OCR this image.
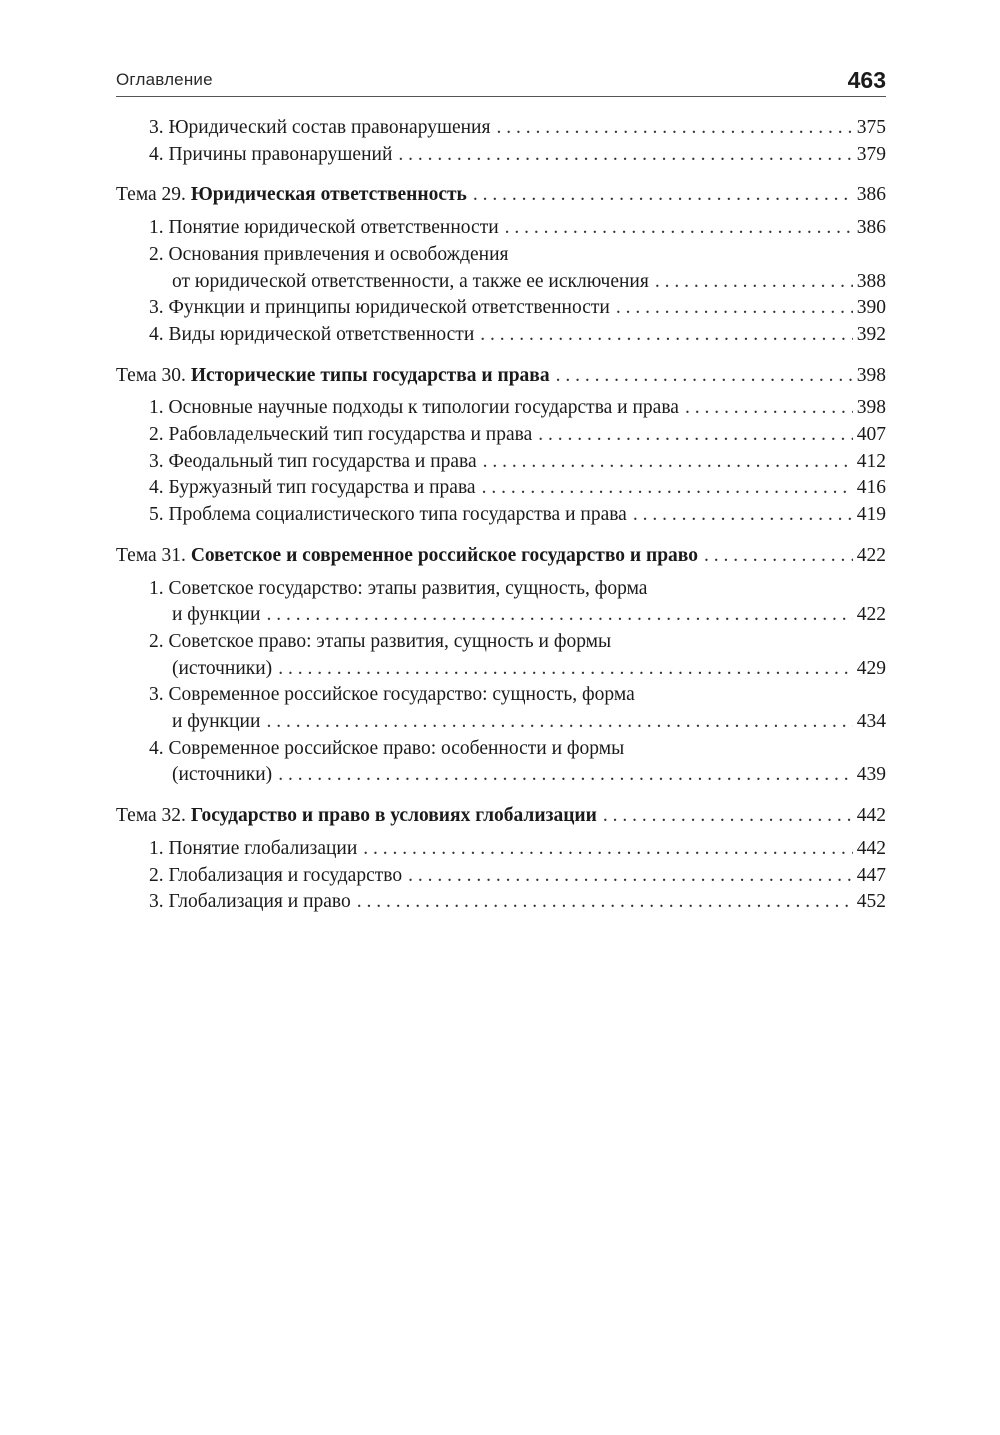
Оглавление	463
3. Юридический состав правонарушения . . .	375
4. Причины правонарушений . . .	379
Тема 29. Юридическая ответственность . . .	386
1. Понятие юридической ответственности . . .	386
2. Основания привлечения и освобождения
от юридической ответственности, а также ее исключения . . .	388
3. Функции и принципы юридической ответственности . . .	390
4. Виды юридической ответственности . . .	392
Тема 30. Исторические типы государства и права . . .	398
1. Основные научные подходы к типологии государства и права . . .	398
2. Рабовладельческий тип государства и права . . .	407
3. Феодальный тип государства и права . . .	412
4. Буржуазный тип государства и права . . .	416
5. Проблема социалистического типа государства и права . . .	419
Тема 31. Советское и современное российское государство и право . . .	422
1. Советское государство: этапы развития, сущность, форма
и функции . . .	422
2. Советское право: этапы развития, сущность и формы
(источники) . . .	429
3. Современное российское государство: сущность, форма
и функции . . .	434
4. Современное российское право: особенности и формы
(источники) . . .	439
Тема 32. Государство и право в условиях глобализации . . .	442
1. Понятие глобализации . . .	442
2. Глобализация и государство . . .	447
3. Глобализация и право . . .	452
